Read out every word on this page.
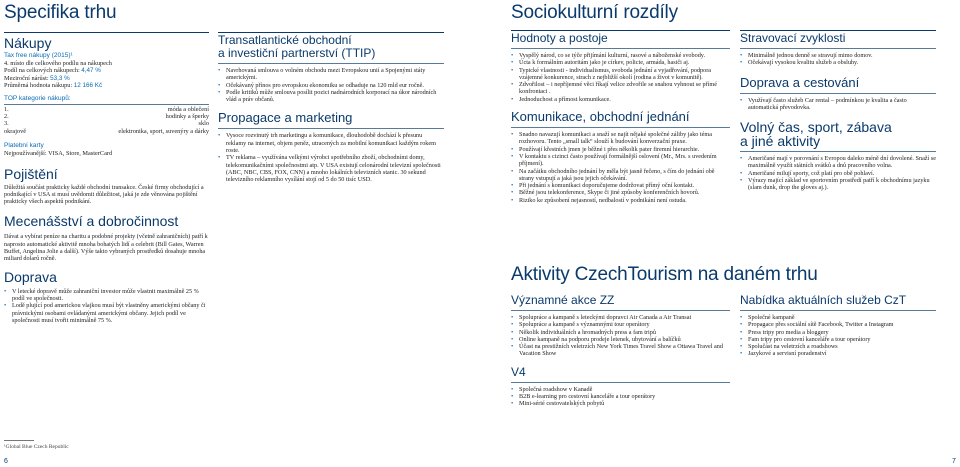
Specifika trhu
Nákupy
Tax free nákupy (2015)¹
4. místo dle celkového podílu na nákupech
Podíl na celkových nákupech: 4,47 %
Meziroční nárůst: 53,3 %
Průměrná hodnota nákupu: 12 166 Kč
TOP kategorie nákupů:
1.	móda a oblečení
2.	hodinky a šperky
3.	sklo
okrajově	elektronika, sport, suvenýry a dárky
Platební karty
Nejpoužívanější: VISA, Store, MasterCard
Pojištění
Důležitá součást prakticky každé obchodní transakce. České firmy obchodující a podnikající v USA si musí uvědomit důležitost, jaká je zde věnována pojištění prakticky všech aspektů podnikání.
Mecenášství a dobročinnost
Dávat a vybírat peníze na charitu a podobné projekty (včetně zahraničních) patří k naprosto automatické aktivitě mnoha bohatých lidí a celebrit (Bill Gates, Warren Buffet, Angelina Jolie a další). Výše takto vybraných prostředků dosahuje mnoha miliard dolarů ročně.
Doprava
• V letecké dopravě může zahraniční investor může vlastnit maximálně 25 % podíl ve společnosti.
• Lodě plující pod americkou vlajkou musí být vlastněny americkými občany či právnickými osobami ovládanými americkými občany. Jejich podíl ve společnosti musí tvořit minimálně 75 %.
Transatlantické obchodní
a investiční partnerství (TTIP)
• Navrhovaná smlouva o volném obchodu mezi Evropskou unií a Spojenými státy americkými.
• Očekávaný přínos pro evropskou ekonomiku se odhaduje na 120 mld eur ročně.
• Podle kritiků může smlouva posílit pozici nadnárodních korporací na úkor národních vlád a práv občanů.
Propagace a marketing
• Vysoce rozvinutý trh marketingu a komunikace, dlouhodobě dochází k přesunu reklamy na internet, objem peněz, utracených za mobilní komunikaci každým rokem roste.
• TV reklama – využívána velkými výrobci spotřebního zboží, obchodními domy, telekomunikačními společnostmi atp. V USA existují celonárodní televizní společnosti (ABC, NBC, CBS, FOX, CNN) a mnoho lokálních televizních stanic. 30 sekund televizního reklamního vysílání stojí od 5 do 50 tisíc USD.
¹Global Blue Czech Republic
6
Sociokulturní rozdíly
Hodnoty a postoje
• Vyspělý národ, co se týče přijímání kulturní, rasové a náboženské svobody.
• Úcta k formálním autoritám jako je církev, policie, armáda, hasiči aj.
• Typické vlastnosti - individualismus, svoboda jednání a vyjadřování, podpora vzájemné konkurence, strach z nejbližší okolí (rodina a život v komunitě).
• Zdvořilost – i nepříjemné věci říkají velice zdvořile se snahou vyhnout se přímé konfrontaci .
• Jednoduchost a přímost komunikace.
Komunikace, obchodní jednání
• Snadno navazují komunikaci a snaží se najít nějaké společné záliby jako téma rozhovoru. Tento „small talk“ slouží k budování konverzační praxe.
• Používají křestních jmen je běžné i přes několik pater firemní hierarchie.
• V kontaktu s cizinci často používají formálnější oslovení (Mr., Mrs. s uvedením příjmení).
• Na začátku obchodního jednání by měla být jasně řečeno, s čím do jednání obě strany vstupují a jaká jsou jejich očekávání.
• Při jednání s komunikaci doporučujeme dodržovat přímý oční kontakt.
• Běžné jsou telekonference, Skype či jiné způsoby konferenčních hovorů.
• Riziko ke způsobení nejasností, nedbalostí v podnikání není ostuda.
Stravovací zvyklosti
• Minimálně jednou denně se stravují mimo domov.
• Očekávají vysokou kvalitu služeb a obsluhy.
Doprava a cestování
• Využívají často služeb Car rental – podmínkou je kvalita a často automatická převodovka.
Volný čas, sport, zábava
a jiné aktivity
• Američané mají v porovnání s Evropou daleko méně dní dovolené. Snaží se maximálně využít státních svátků a dnů pracovního volna.
• Američané milují sporty, což platí pro obě pohlaví.
• Výrazy mající základ ve sportovním prostředí patří k obchodnímu jazyku (slam dunk, drop the gloves aj.).
Aktivity CzechTourism na daném trhu
Významné akce ZZ
• Spolupráce a kampaně s leteckými dopravci Air Canada a Air Transat
• Spolupráce a kampaně s významnými tour operátory
• Několik individuálních a hromadných press a fam tripů
• Online kampaně na podporu prodeje letenek, ubytování a balíčků
• Účast na prestižních veletrzích New York Times Travel Show a Ottawa Travel and Vacation Show
V4
• Společná roadshow v Kanadě
• B2B e-learning pro cestovní kanceláře a tour operátory
• Mini-sérié cestovatelských pobytů
Nabídka aktuálních služeb CzT
• Společné kampaně
• Propagace přes sociální sítě Facebook, Twitter a Instagram
• Press tripy pro media a bloggery
• Fam tripy pro cestovní kanceláře a tour operátory
• Spolučást na veletrzích a roadshows
• Jazykové a servisní poradenství
7
